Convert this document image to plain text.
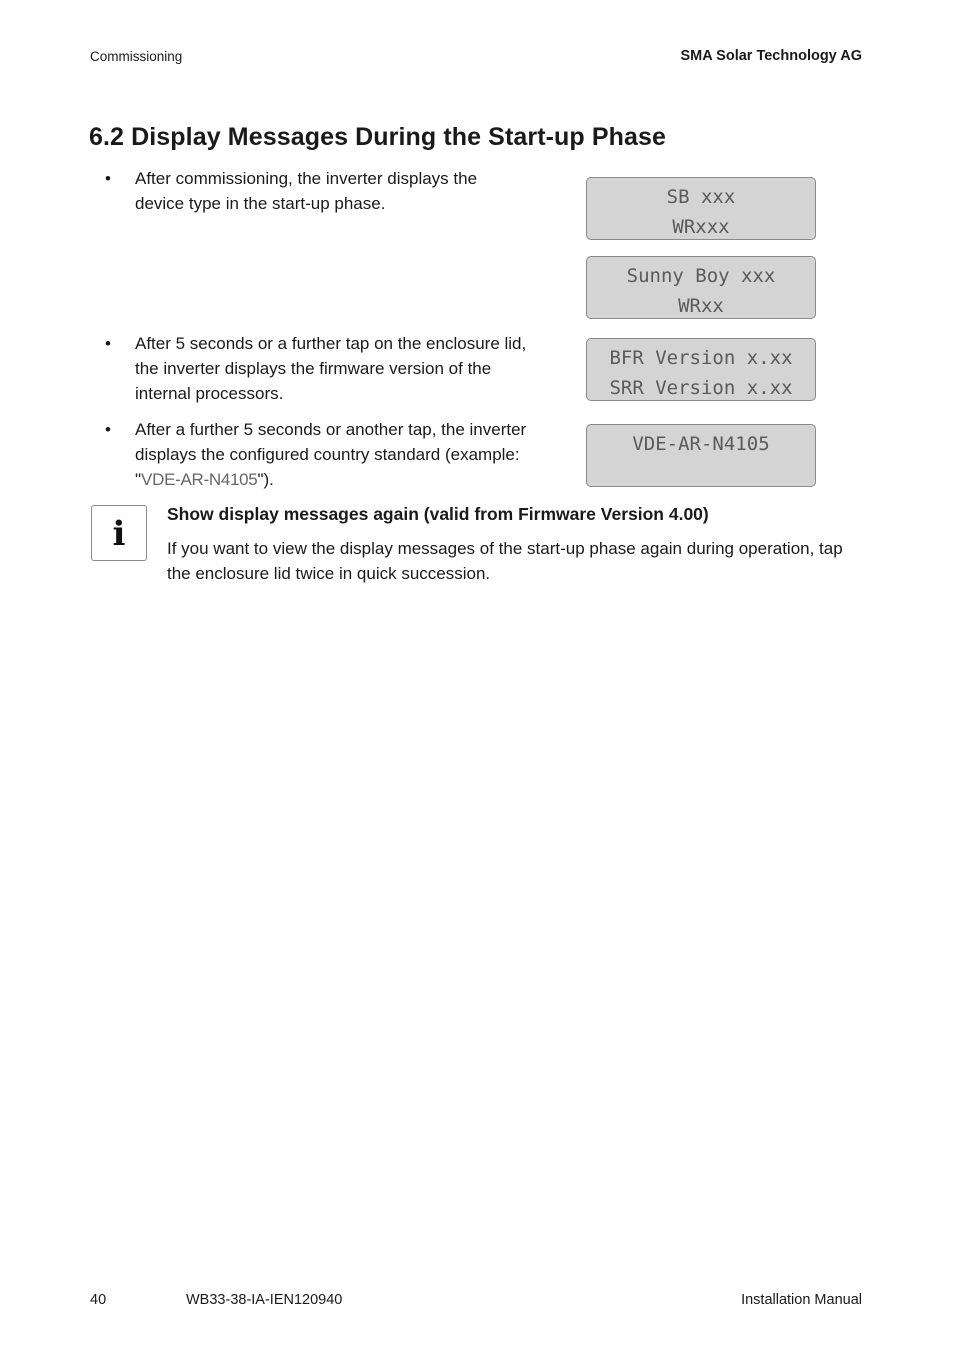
Commissioning	SMA Solar Technology AG
6.2 Display Messages During the Start-up Phase
• After commissioning, the inverter displays the device type in the start-up phase.
• After 5 seconds or a further tap on the enclosure lid, the inverter displays the firmware version of the internal processors.
• After a further 5 seconds or another tap, the inverter displays the configured country standard (example: "VDE-AR-N4105").
SB xxx
WRxxx
Sunny Boy xxx
WRxx
BFR Version x.xx
SRR Version x.xx
VDE-AR-N4105
i	Show display messages again (valid from Firmware Version 4.00)
If you want to view the display messages of the start-up phase again during operation, tap the enclosure lid twice in quick succession.
40	WB33-38-IA-IEN120940	Installation Manual
